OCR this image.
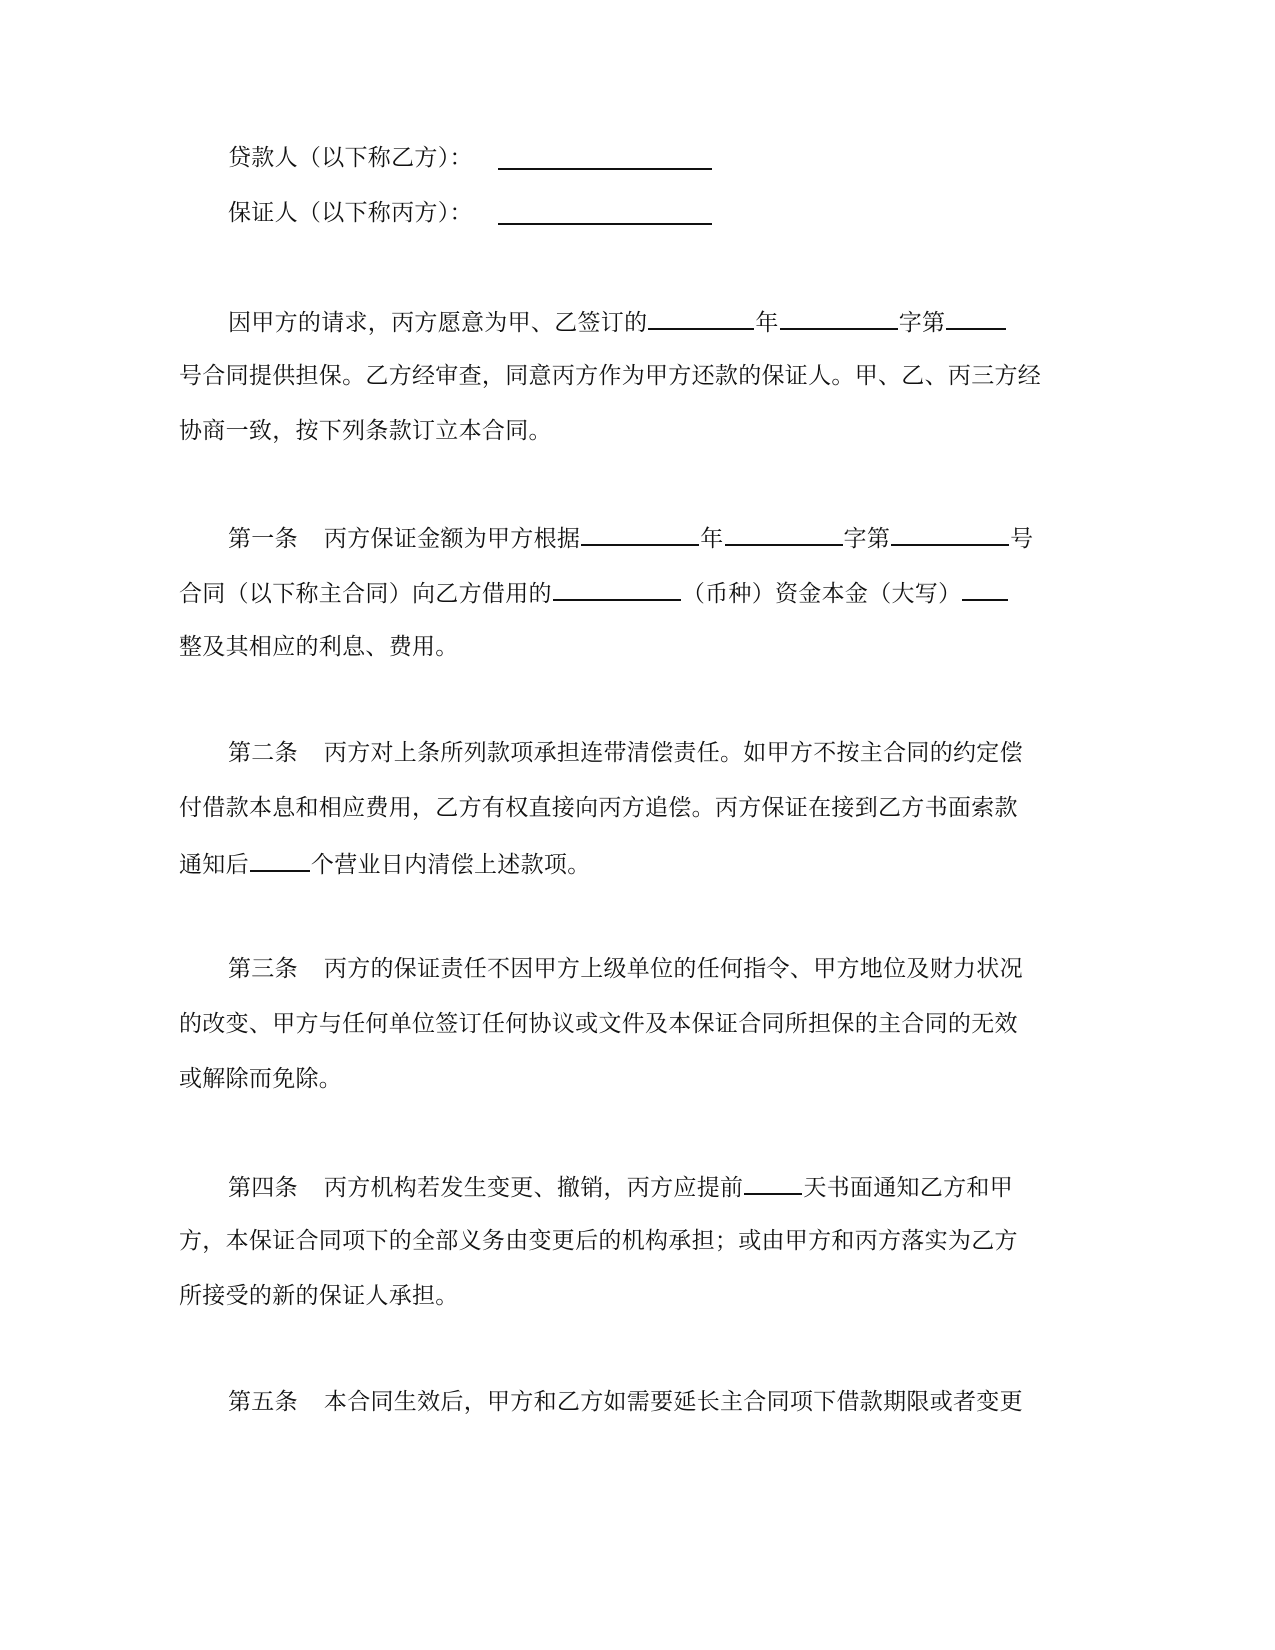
贷款人（以下称乙方）：
保证人（以下称丙方）：
因甲方的请求，丙方愿意为甲、乙签订的	年	字第
号合同提供担保。乙方经审查，同意丙方作为甲方还款的保证人。甲、乙、丙三方经
协商一致，按下列条款订立本合同。
第一条 丙方保证金额为甲方根据	年	字第	号
合同（以下称主合同）向乙方借用的	（币种）资金本金（大写）
整及其相应的利息、费用。
第二条 丙方对上条所列款项承担连带清偿责任。如甲方不按主合同的约定偿
付借款本息和相应费用，乙方有权直接向丙方追偿。丙方保证在接到乙方书面索款
通知后	个营业日内清偿上述款项。
第三条 丙方的保证责任不因甲方上级单位的任何指令、甲方地位及财力状况
的改变、甲方与任何单位签订任何协议或文件及本保证合同所担保的主合同的无效
或解除而免除。
第四条 丙方机构若发生变更、撤销，丙方应提前	天书面通知乙方和甲
方，本保证合同项下的全部义务由变更后的机构承担；或由甲方和丙方落实为乙方
所接受的新的保证人承担。
第五条 本合同生效后，甲方和乙方如需要延长主合同项下借款期限或者变更
